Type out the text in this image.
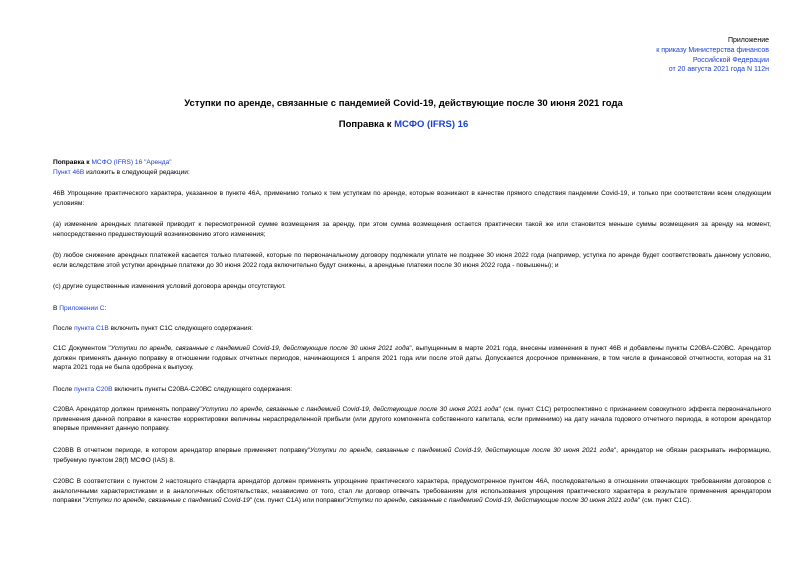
Приложение
к приказу Министерства финансов
Российской Федерации
от 20 августа 2021 года N 112н
Уступки по аренде, связанные с пандемией Covid-19, действующие после 30 июня 2021 года
Поправка к МСФО (IFRS) 16
Поправка к МСФО (IFRS) 16 "Аренда"
Пункт 46В изложить в следующей редакции:
46В Упрощение практического характера, указанное в пункте 46А, применимо только к тем уступкам по аренде, которые возникают в качестве прямого следствия пандемии Covid-19, и только при соответствии всем следующим условиям:
(a) изменение арендных платежей приводит к пересмотренной сумме возмещения за аренду, при этом сумма возмещения остается практически такой же или становится меньше суммы возмещения за аренду на момент, непосредственно предшествующий возникновению этого изменения;
(b) любое снижение арендных платежей касается только платежей, которые по первоначальному договору подлежали уплате не позднее 30 июня 2022 года (например, уступка по аренде будет соответствовать данному условию, если вследствие этой уступки арендные платежи до 30 июня 2022 года включительно будут снижены, а арендные платежи после 30 июня 2022 года - повышены); и
(c) другие существенные изменения условий договора аренды отсутствуют.
В Приложении С:
После пункта С1В включить пункт С1С следующего содержания:
С1С Документом "Уступки по аренде, связанные с пандемией Covid-19, действующие после 30 июня 2021 года", выпущенным в марте 2021 года, внесены изменения в пункт 46В и добавлены пункты С20ВА-С20ВС. Арендатор должен применять данную поправку в отношении годовых отчетных периодов, начинающихся 1 апреля 2021 года или после этой даты. Допускается досрочное применение, в том числе в финансовой отчетности, которая на 31 марта 2021 года не была одобрена к выпуску.
После пункта С20В включить пункты С20ВА-С20ВС следующего содержания:
С20ВА Арендатор должен применять поправку"Уступки по аренде, связанные с пандемией Covid-19, действующие после 30 июня 2021 года" (см. пункт С1С) ретроспективно с признанием совокупного эффекта первоначального применения данной поправки в качестве корректировки величины нераспределенной прибыли (или другого компонента собственного капитала, если применимо) на дату начала годового отчетного периода, в котором арендатор впервые применяет данную поправку.
С20ВВ В отчетном периоде, в котором арендатор впервые применяет поправку"Уступки по аренде, связанные с пандемией Covid-19, действующие после 30 июня 2021 года", арендатор не обязан раскрывать информацию, требуемую пунктом 28(f) МСФО (IAS) 8.
С20ВС В соответствии с пунктом 2 настоящего стандарта арендатор должен применять упрощение практического характера, предусмотренное пунктом 46А, последовательно в отношении отвечающих требованиям договоров с аналогичными характеристиками и в аналогичных обстоятельствах, независимо от того, стал ли договор отвечать требованиям для использования упрощения практического характера в результате применения арендатором поправки "Уступки по аренде, связанные с пандемией Covid-19" (см. пункт С1А) или поправки"Уступки по аренде, связанные с пандемией Covid-19, действующие после 30 июня 2021 года" (см. пункт С1С).
